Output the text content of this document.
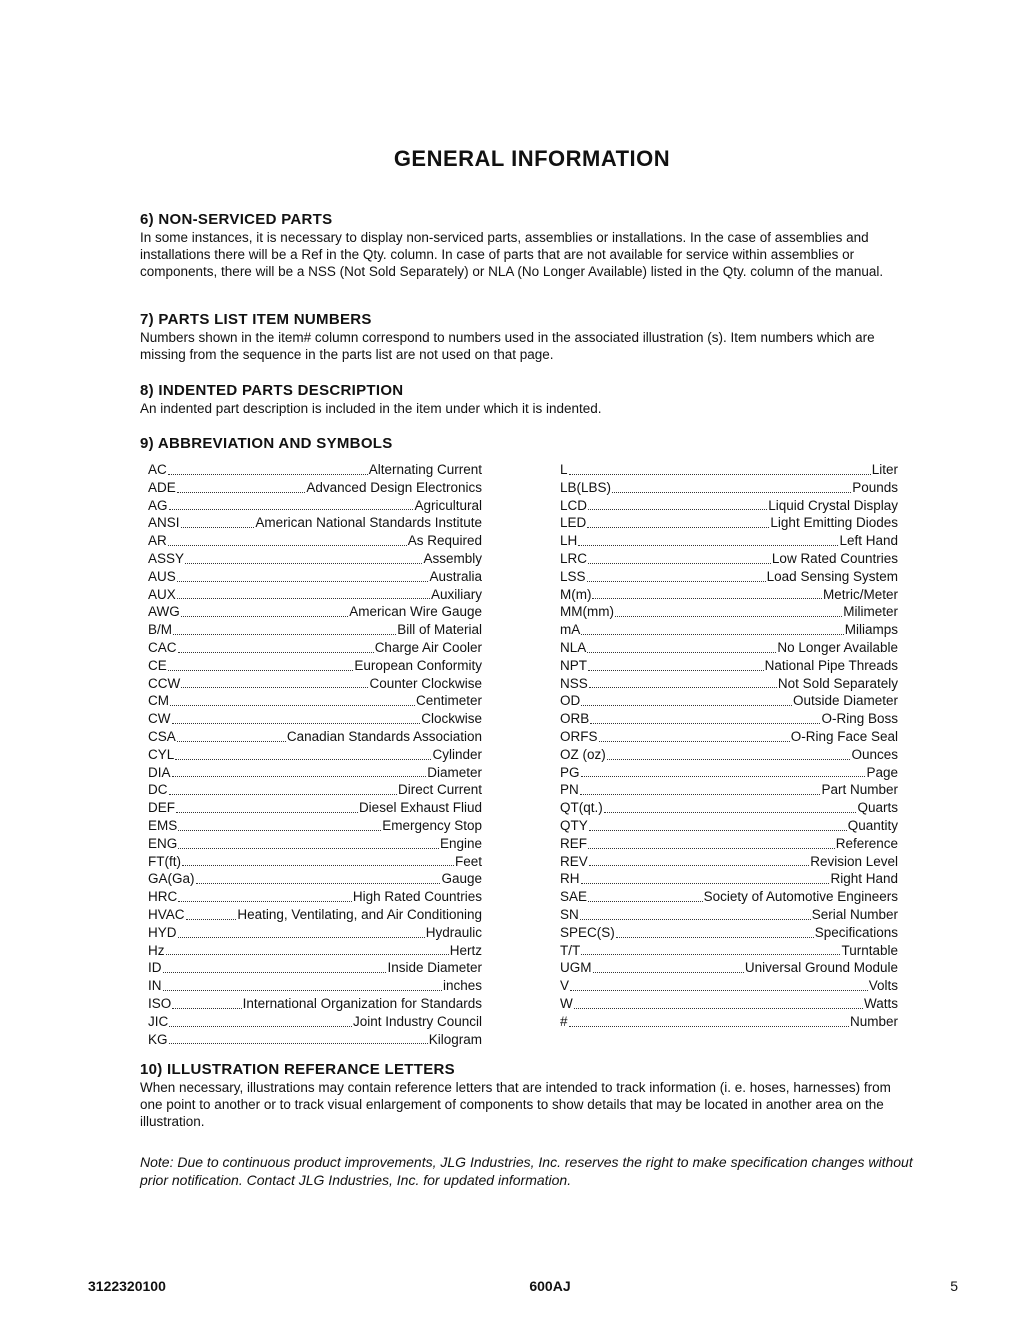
GENERAL INFORMATION
6) NON-SERVICED PARTS
In some instances, it is necessary to display non-serviced parts, assemblies or installations. In the case of assemblies and installations there will be a Ref in the Qty. column. In case of parts that are not available for service within assemblies or components, there will be a NSS (Not Sold Separately) or NLA (No Longer Available) listed in the Qty. column of the manual.
7) PARTS LIST ITEM NUMBERS
Numbers shown in the item# column correspond to numbers used in the associated illustration (s). Item numbers which are missing from the sequence in the parts list are not used on that page.
8) INDENTED PARTS DESCRIPTION
An indented part description is included in the item under which it is indented.
9) ABBREVIATION AND SYMBOLS
AC	Alternating Current
ADE	Advanced Design Electronics
AG	Agricultural
ANSI	American National Standards Institute
AR	As Required
ASSY	Assembly
AUS	Australia
AUX	Auxiliary
AWG	American Wire Gauge
B/M	Bill of Material
CAC	Charge Air Cooler
CE	European Conformity
CCW	Counter Clockwise
CM	Centimeter
CW	Clockwise
CSA	Canadian Standards Association
CYL	Cylinder
DIA	Diameter
DC	Direct Current
DEF	Diesel Exhaust Fliud
EMS	Emergency Stop
ENG	Engine
FT(ft)	Feet
GA(Ga)	Gauge
HRC	High Rated Countries
HVAC	Heating, Ventilating, and Air Conditioning
HYD	Hydraulic
Hz	Hertz
ID	Inside Diameter
IN	inches
ISO	International Organization for Standards
JIC	Joint Industry Council
KG	Kilogram
L	Liter
LB(LBS)	Pounds
LCD	Liquid Crystal Display
LED	Light Emitting Diodes
LH	Left Hand
LRC	Low Rated Countries
LSS	Load Sensing System
M(m)	Metric/Meter
MM(mm)	Milimeter
mA	Miliamps
NLA	No Longer Available
NPT	National Pipe Threads
NSS	Not Sold Separately
OD	Outside Diameter
ORB	O-Ring Boss
ORFS	O-Ring Face Seal
OZ (oz)	Ounces
PG	Page
PN	Part Number
QT(qt.)	Quarts
QTY	Quantity
REF	Reference
REV	Revision Level
RH	Right Hand
SAE	Society of Automotive Engineers
SN	Serial Number
SPEC(S)	Specifications
T/T	Turntable
UGM	Universal Ground Module
V	Volts
W	Watts
#	Number
10) ILLUSTRATION REFERANCE LETTERS
When necessary, illustrations may contain reference letters that are intended to track information (i. e. hoses, harnesses) from one point to another or to track visual enlargement of components to show details that may be located in another area on the illustration.
Note: Due to continuous product improvements, JLG Industries, Inc. reserves the right to make specification changes without prior notification. Contact JLG Industries, Inc. for updated information.
3122320100	600AJ	5
